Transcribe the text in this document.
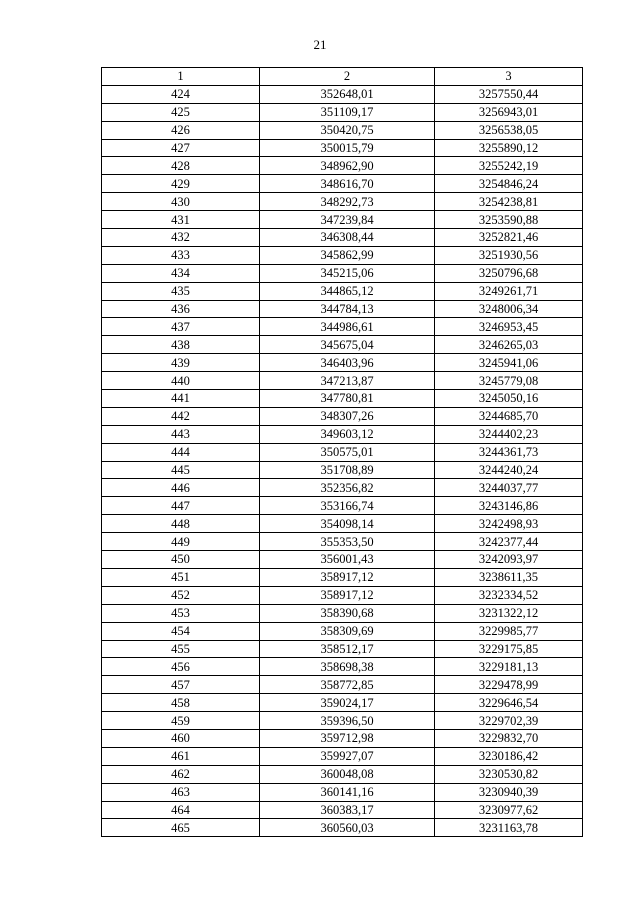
21
1	2	3
424	352648,01	3257550,44
425	351109,17	3256943,01
426	350420,75	3256538,05
427	350015,79	3255890,12
428	348962,90	3255242,19
429	348616,70	3254846,24
430	348292,73	3254238,81
431	347239,84	3253590,88
432	346308,44	3252821,46
433	345862,99	3251930,56
434	345215,06	3250796,68
435	344865,12	3249261,71
436	344784,13	3248006,34
437	344986,61	3246953,45
438	345675,04	3246265,03
439	346403,96	3245941,06
440	347213,87	3245779,08
441	347780,81	3245050,16
442	348307,26	3244685,70
443	349603,12	3244402,23
444	350575,01	3244361,73
445	351708,89	3244240,24
446	352356,82	3244037,77
447	353166,74	3243146,86
448	354098,14	3242498,93
449	355353,50	3242377,44
450	356001,43	3242093,97
451	358917,12	3238611,35
452	358917,12	3232334,52
453	358390,68	3231322,12
454	358309,69	3229985,77
455	358512,17	3229175,85
456	358698,38	3229181,13
457	358772,85	3229478,99
458	359024,17	3229646,54
459	359396,50	3229702,39
460	359712,98	3229832,70
461	359927,07	3230186,42
462	360048,08	3230530,82
463	360141,16	3230940,39
464	360383,17	3230977,62
465	360560,03	3231163,78
